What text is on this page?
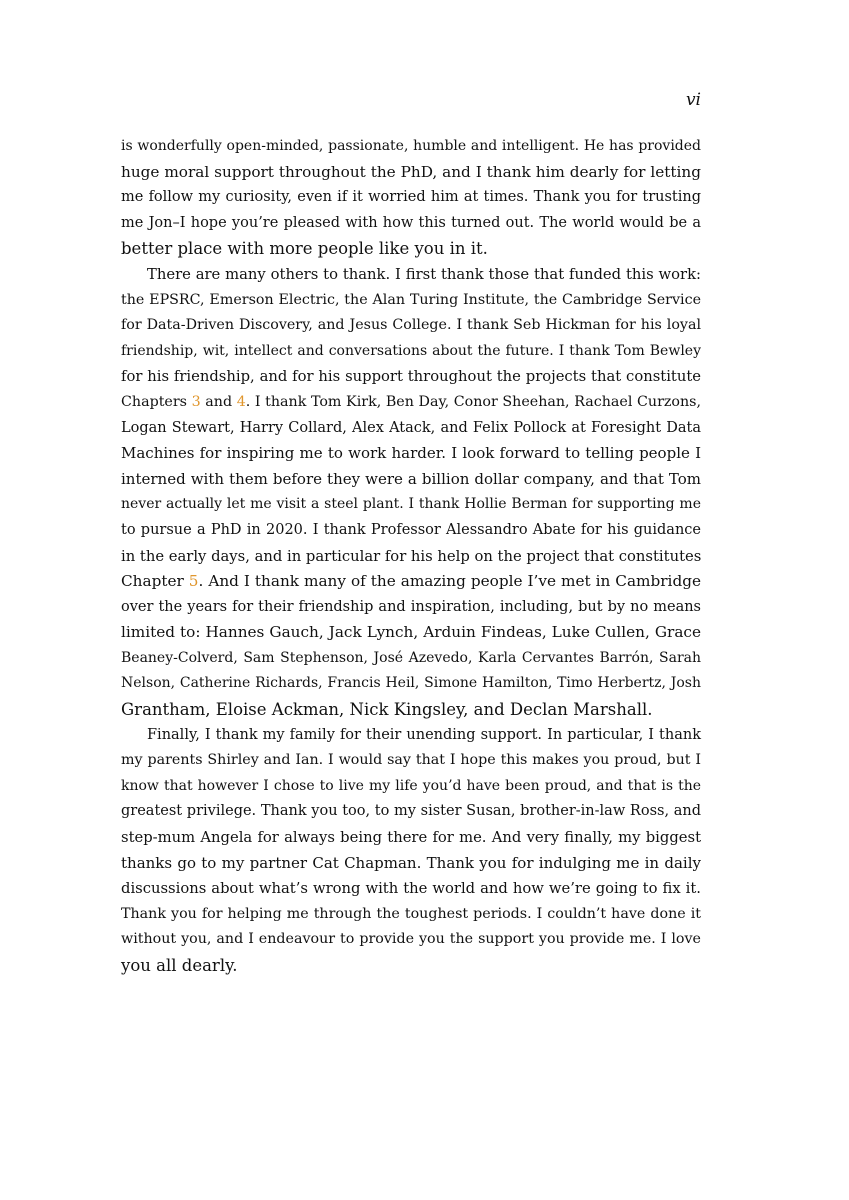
vi
is wonderfully open-minded, passionate, humble and intelligent. He has provided
huge moral support throughout the PhD, and I thank him dearly for letting
me follow my curiosity, even if it worried him at times. Thank you for trusting
me Jon–I hope you’re pleased with how this turned out. The world would be a
better place with more people like you in it.
There are many others to thank. I first thank those that funded this work:
the EPSRC, Emerson Electric, the Alan Turing Institute, the Cambridge Service
for Data-Driven Discovery, and Jesus College. I thank Seb Hickman for his loyal
friendship, wit, intellect and conversations about the future. I thank Tom Bewley
for his friendship, and for his support throughout the projects that constitute
Chapters 3 and 4. I thank Tom Kirk, Ben Day, Conor Sheehan, Rachael Curzons,
Logan Stewart, Harry Collard, Alex Atack, and Felix Pollock at Foresight Data
Machines for inspiring me to work harder. I look forward to telling people I
interned with them before they were a billion dollar company, and that Tom
never actually let me visit a steel plant. I thank Hollie Berman for supporting me
to pursue a PhD in 2020. I thank Professor Alessandro Abate for his guidance
in the early days, and in particular for his help on the project that constitutes
Chapter 5. And I thank many of the amazing people I’ve met in Cambridge
over the years for their friendship and inspiration, including, but by no means
limited to: Hannes Gauch, Jack Lynch, Arduin Findeas, Luke Cullen, Grace
Beaney-Colverd, Sam Stephenson, José Azevedo, Karla Cervantes Barrón, Sarah
Nelson, Catherine Richards, Francis Heil, Simone Hamilton, Timo Herbertz, Josh
Grantham, Eloise Ackman, Nick Kingsley, and Declan Marshall.
Finally, I thank my family for their unending support. In particular, I thank
my parents Shirley and Ian. I would say that I hope this makes you proud, but I
know that however I chose to live my life you’d have been proud, and that is the
greatest privilege. Thank you too, to my sister Susan, brother-in-law Ross, and
step-mum Angela for always being there for me. And very finally, my biggest
thanks go to my partner Cat Chapman. Thank you for indulging me in daily
discussions about what’s wrong with the world and how we’re going to fix it.
Thank you for helping me through the toughest periods. I couldn’t have done it
without you, and I endeavour to provide you the support you provide me. I love
you all dearly.
